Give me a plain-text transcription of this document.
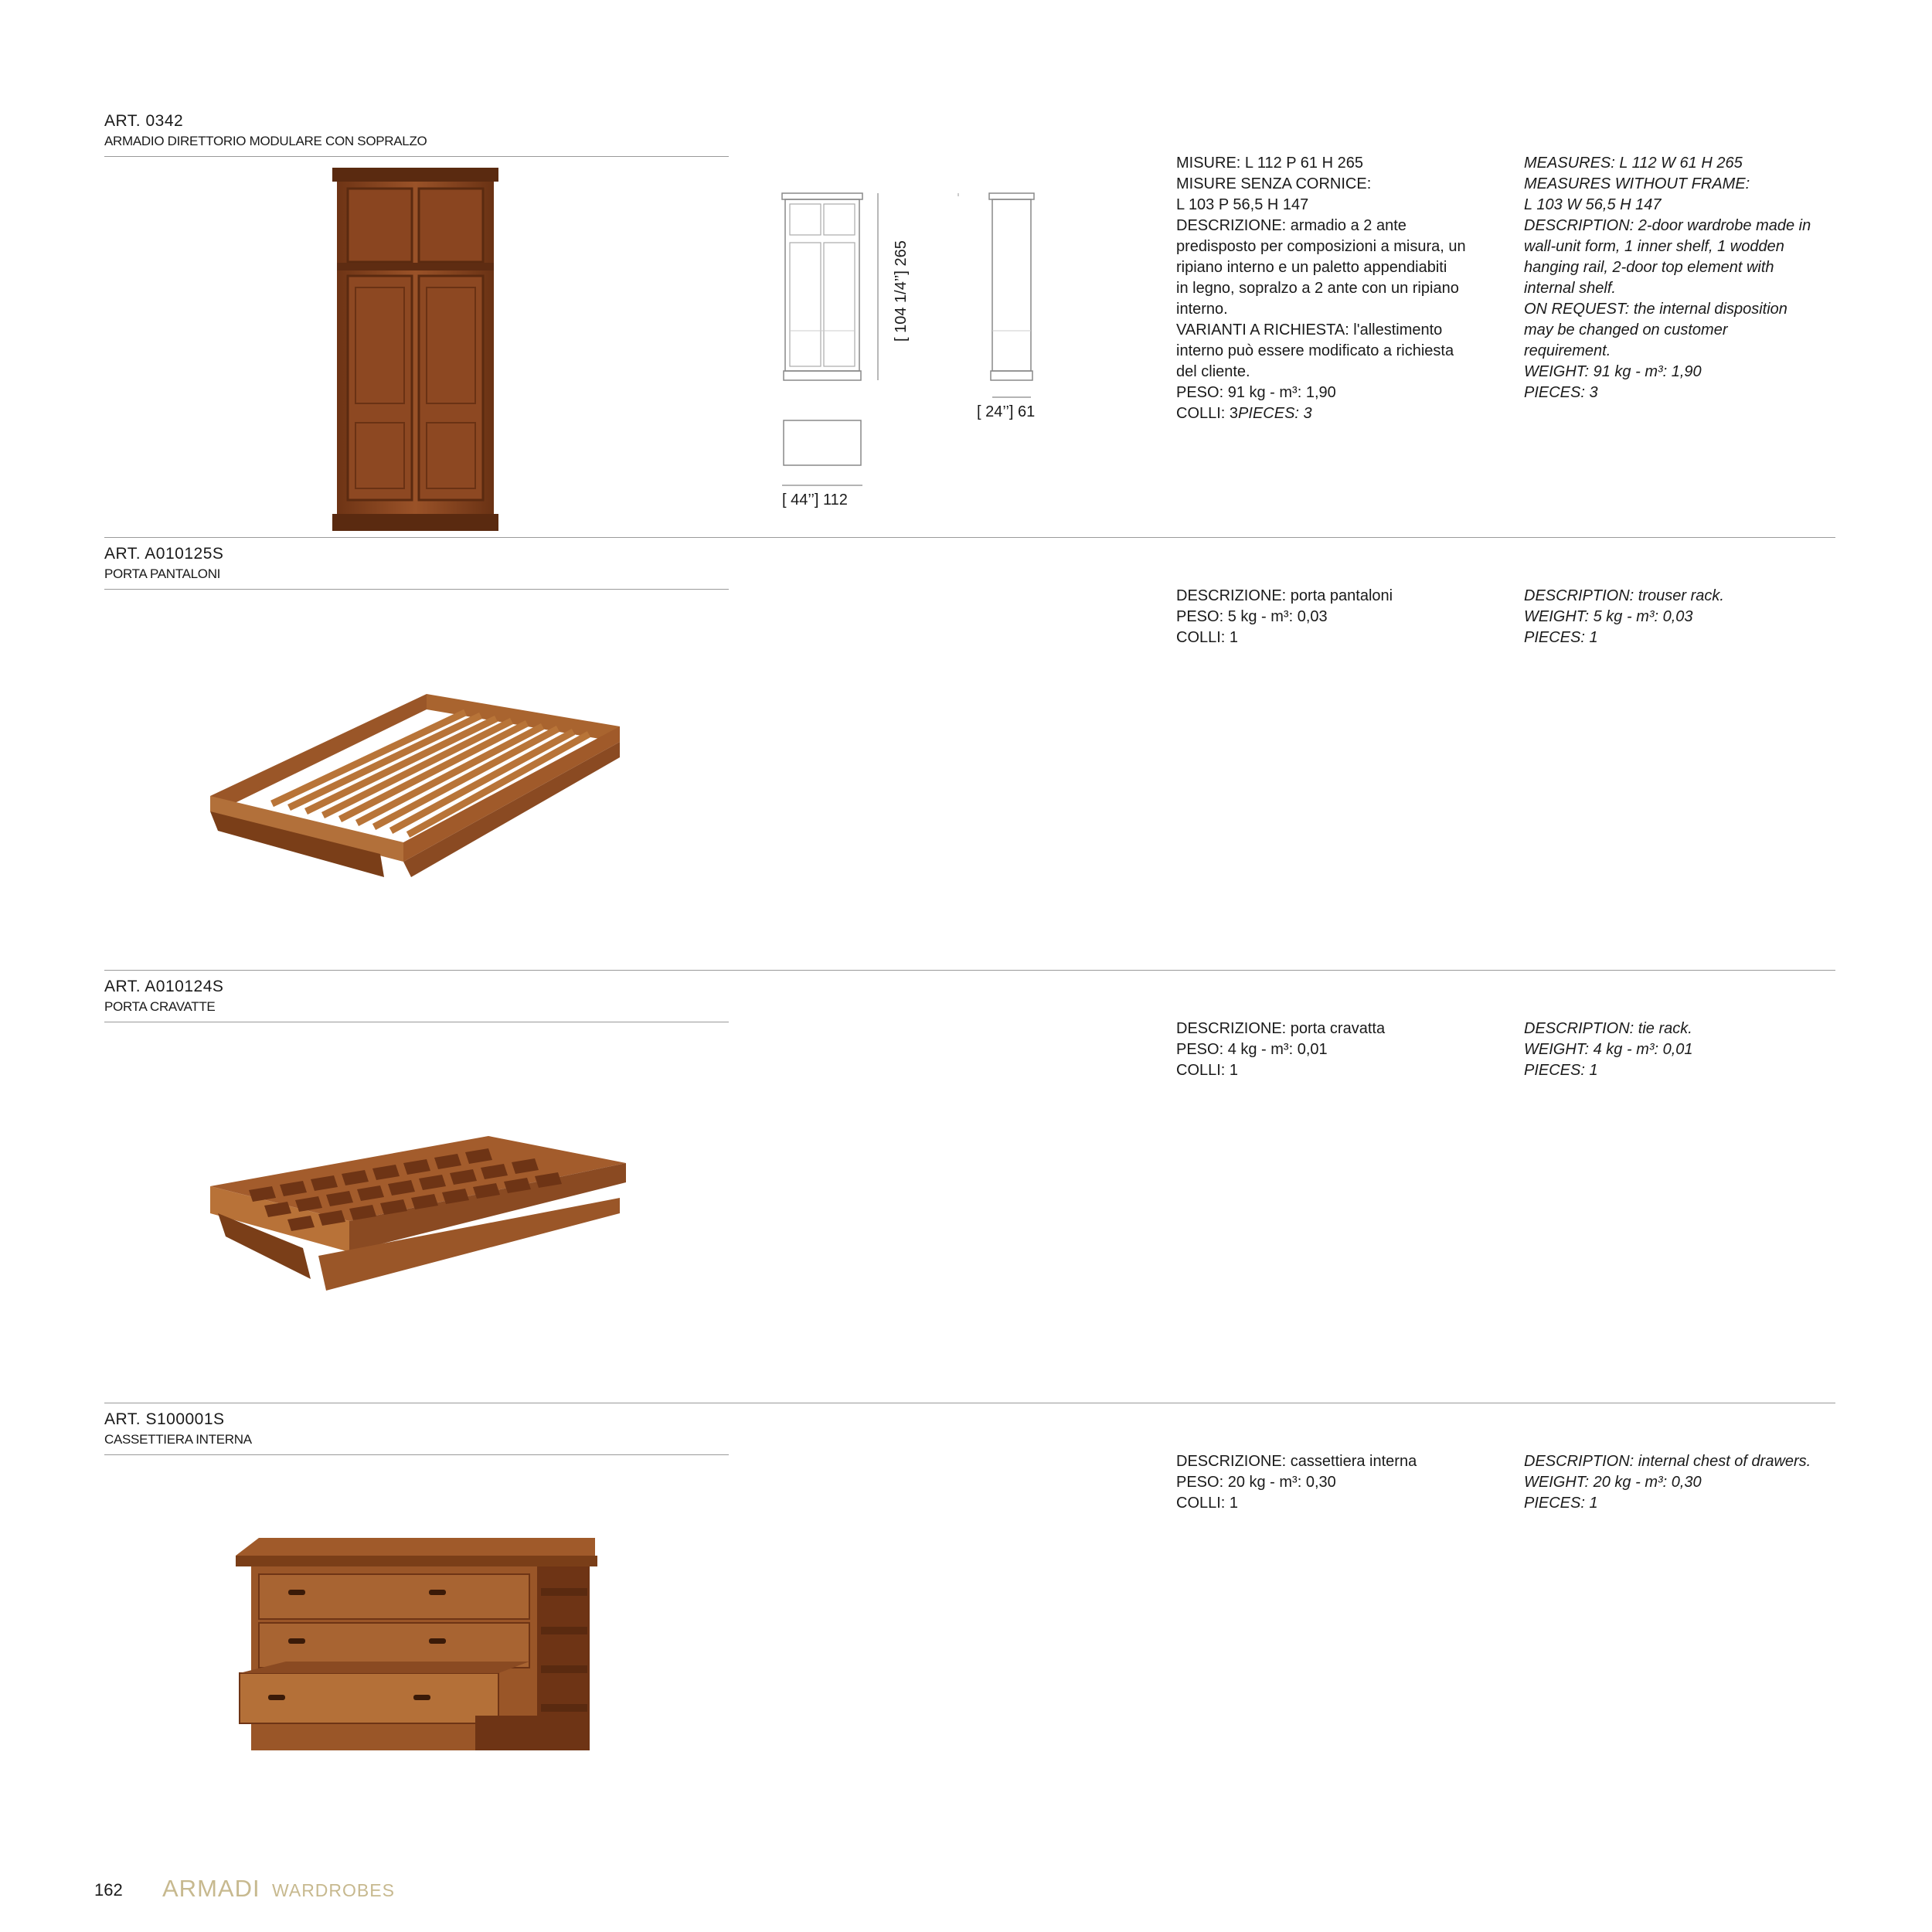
ART. 0342
ARMADIO DIRETTORIO MODULARE CON SOPRALZO
[ 104 1/4’’] 265
[ 24’’] 61
[ 44’’] 112
MISURE: L 112 P 61 H 265
MISURE SENZA CORNICE:
L 103 P 56,5 H 147
DESCRIZIONE: armadio a 2 ante
predisposto per composizioni a misura, un
ripiano interno e un paletto appendiabiti
in legno, sopralzo a 2 ante con un ripiano
interno.
VARIANTI A RICHIESTA: l'allestimento
interno può essere modificato a richiesta
del cliente.
PESO: 91 kg - m³: 1,90
COLLI: 3PIECES: 3
MEASURES: L 112 W 61 H 265
MEASURES WITHOUT FRAME:
L 103 W 56,5 H 147
DESCRIPTION: 2-door wardrobe made in
wall-unit form, 1 inner shelf, 1 wodden
hanging rail, 2-door top element with
internal shelf.
ON REQUEST: the internal disposition
may be changed on customer
requirement.
WEIGHT: 91 kg - m³: 1,90
PIECES: 3
ART. A010125S
PORTA PANTALONI
DESCRIZIONE: porta pantaloni
PESO: 5 kg - m³: 0,03
COLLI: 1
DESCRIPTION: trouser rack.
WEIGHT: 5 kg - m³: 0,03
PIECES: 1
ART. A010124S
PORTA CRAVATTE
DESCRIZIONE: porta cravatta
PESO: 4 kg - m³: 0,01
COLLI: 1
DESCRIPTION: tie rack.
WEIGHT: 4 kg - m³: 0,01
PIECES: 1
ART. S100001S
CASSETTIERA INTERNA
DESCRIZIONE: cassettiera interna
PESO: 20 kg - m³: 0,30
COLLI: 1
DESCRIPTION: internal chest of drawers.
WEIGHT: 20 kg - m³: 0,30
PIECES: 1
162 ARMADI WARDROBES
